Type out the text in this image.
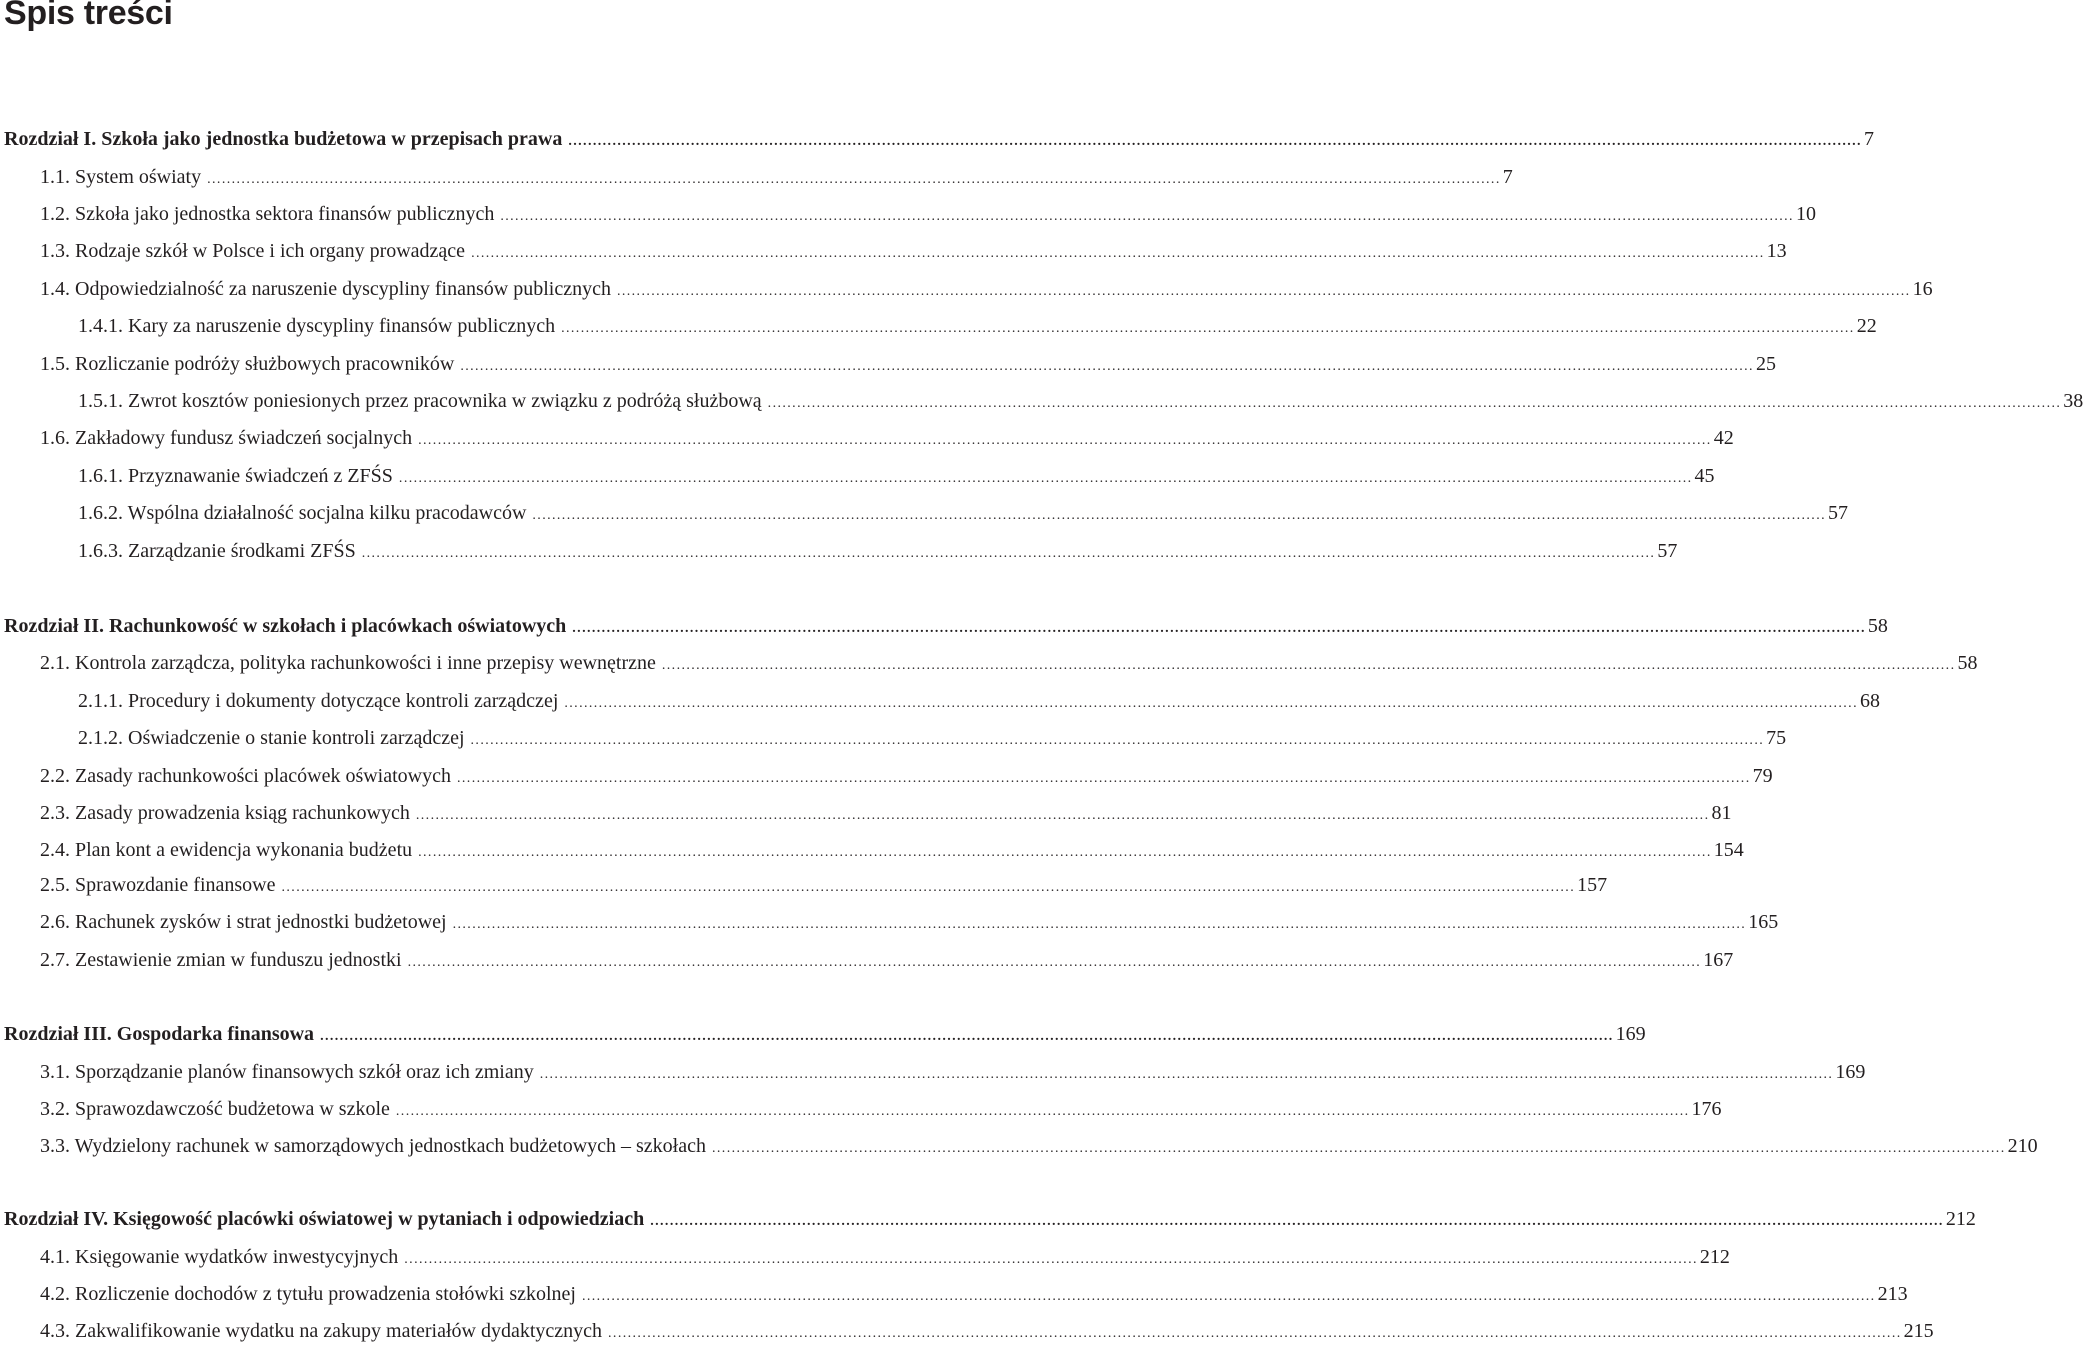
Spis treści
Rozdział I. Szkoła jako jednostka budżetowa w przepisach prawa .....	7
1.1. System oświaty .....	7
1.2. Szkoła jako jednostka sektora finansów publicznych .....	10
1.3. Rodzaje szkół w Polsce i ich organy prowadzące .....	13
1.4. Odpowiedzialność za naruszenie dyscypliny finansów publicznych .....	16
1.4.1. Kary za naruszenie dyscypliny finansów publicznych .....	22
1.5. Rozliczanie podróży służbowych pracowników .....	25
1.5.1. Zwrot kosztów poniesionych przez pracownika w związku z podróżą służbową .....	38
1.6. Zakładowy fundusz świadczeń socjalnych .....	42
1.6.1. Przyznawanie świadczeń z ZFŚS .....	45
1.6.2. Wspólna działalność socjalna kilku pracodawców .....	57
1.6.3. Zarządzanie środkami ZFŚS .....	57
Rozdział II. Rachunkowość w szkołach i placówkach oświatowych .....	58
2.1. Kontrola zarządcza, polityka rachunkowości i inne przepisy wewnętrzne .....	58
2.1.1. Procedury i dokumenty dotyczące kontroli zarządczej .....	68
2.1.2. Oświadczenie o stanie kontroli zarządczej .....	75
2.2. Zasady rachunkowości placówek oświatowych .....	79
2.3. Zasady prowadzenia ksiąg rachunkowych .....	81
2.4. Plan kont a ewidencja wykonania budżetu .....	154
2.5. Sprawozdanie finansowe .....	157
2.6. Rachunek zysków i strat jednostki budżetowej .....	165
2.7. Zestawienie zmian w funduszu jednostki .....	167
Rozdział III. Gospodarka finansowa .....	169
3.1. Sporządzanie planów finansowych szkół oraz ich zmiany .....	169
3.2. Sprawozdawczość budżetowa w szkole .....	176
3.3. Wydzielony rachunek w samorządowych jednostkach budżetowych – szkołach .....	210
Rozdział IV. Księgowość placówki oświatowej w pytaniach i odpowiedziach .....	212
4.1. Księgowanie wydatków inwestycyjnych .....	212
4.2. Rozliczenie dochodów z tytułu prowadzenia stołówki szkolnej .....	213
4.3. Zakwalifikowanie wydatku na zakupy materiałów dydaktycznych .....	215
